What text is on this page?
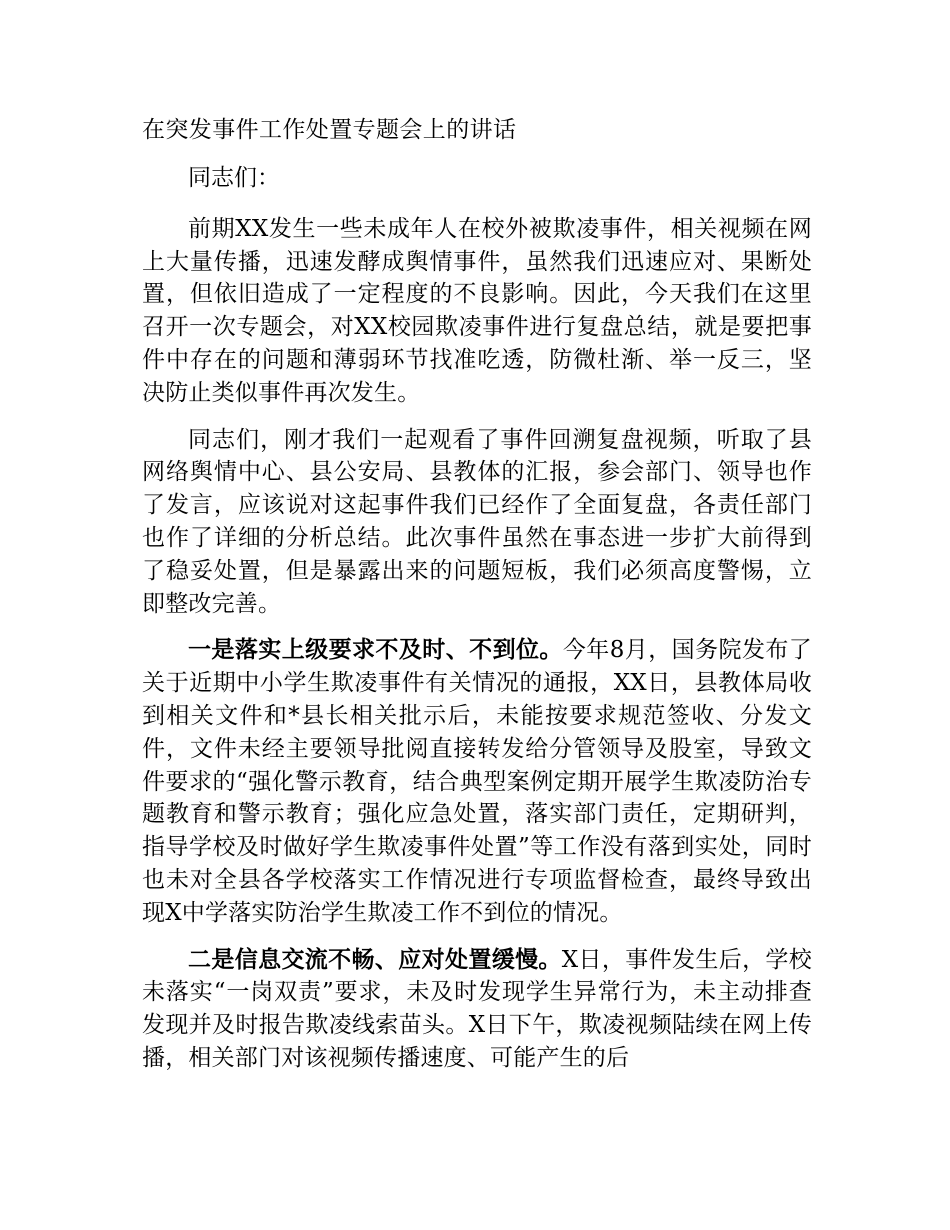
在突发事件工作处置专题会上的讲话

同志们：

前期XX发生一些未成年人在校外被欺凌事件，相关视频在网上大量传播，迅速发酵成舆情事件，虽然我们迅速应对、果断处置，但依旧造成了一定程度的不良影响。因此，今天我们在这里召开一次专题会，对XX校园欺凌事件进行复盘总结，就是要把事件中存在的问题和薄弱环节找准吃透，防微杜渐、举一反三，坚决防止类似事件再次发生。

同志们，刚才我们一起观看了事件回溯复盘视频，听取了县网络舆情中心、县公安局、县教体的汇报，参会部门、领导也作了发言，应该说对这起事件我们已经作了全面复盘，各责任部门也作了详细的分析总结。此次事件虽然在事态进一步扩大前得到了稳妥处置，但是暴露出来的问题短板，我们必须高度警惕，立即整改完善。

一是落实上级要求不及时、不到位。今年8月，国务院发布了关于近期中小学生欺凌事件有关情况的通报，XX日，县教体局收到相关文件和*县长相关批示后，未能按要求规范签收、分发文件，文件未经主要领导批阅直接转发给分管领导及股室，导致文件要求的“强化警示教育，结合典型案例定期开展学生欺凌防治专题教育和警示教育；强化应急处置，落实部门责任，定期研判，指导学校及时做好学生欺凌事件处置”等工作没有落到实处，同时也未对全县各学校落实工作情况进行专项监督检查，最终导致出现X中学落实防治学生欺凌工作不到位的情况。

二是信息交流不畅、应对处置缓慢。X日，事件发生后，学校未落实“一岗双责”要求，未及时发现学生异常行为，未主动排查发现并及时报告欺凌线索苗头。X日下午，欺凌视频陆续在网上传播，相关部门对该视频传播速度、可能产生的后
